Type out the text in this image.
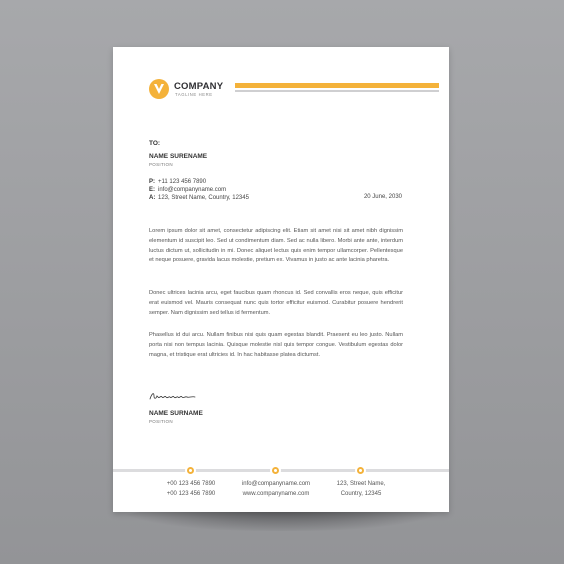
COMPANY
TAGLINE HERE
TO:
NAME SURENAME
POSITION
P: +11 123 456 7890
E: info@companyname.com
A: 123, Street Name, Country, 12345	20 June, 2030
Lorem ipsum dolor sit amet, consectetur adipiscing elit. Etiam sit amet nisi sit amet nibh dignissim elementum id suscipit leo. Sed ut condimentum diam. Sed ac nulla libero. Morbi ante ante, interdum luctus dictum ut, sollicitudin in mi. Donec aliquet lectus quis enim tempor ullamcorper. Pellentesque et neque posuere, gravida lacus molestie, pretium ex. Vivamus in justo ac ante lacinia pharetra.
Donec ultrices lacinia arcu, eget faucibus quam rhoncus id. Sed convallis eros neque, quis efficitur erat euismod vel. Mauris consequat nunc quis tortor efficitur euismod. Curabitur posuere hendrerit semper. Nam dignissim sed tellus id fermentum.
Phasellus id dui arcu. Nullam finibus nisi quis quam egestas blandit. Praesent eu leo justo. Nullam porta nisi non tempus lacinia. Quisque molestie nisl quis tempor congue. Vestibulum egestas dolor magna, et tristique erat ultricies id. In hac habitasse platea dictumst.
NAME SURNAME
POSITION
+00 123 456 7890
+00 123 456 7890
info@companyname.com
www.companyname.com
123, Street Name,
Country, 12345
